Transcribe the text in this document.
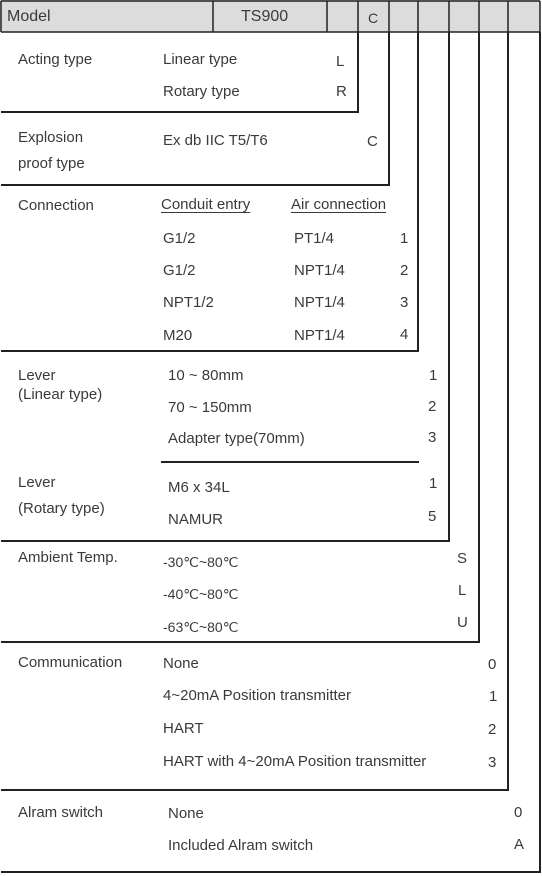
Model	TS900	C
Acting type	Linear type	L
Rotary type	R
Explosion
proof type
Ex db IIC T5/T6	C
Connection	Conduit entry	Air connection
G1/2	PT1/4	1
G1/2	NPT1/4	2
NPT1/2	NPT1/4	3
M20	NPT1/4	4
Lever
(Linear type)
10 ~ 80mm	1
70 ~ 150mm	2
Adapter type(70mm)	3
Lever
(Rotary type)
M6 x 34L	1
NAMUR	5
Ambient Temp.	-30℃~80℃	S
-40℃~80℃	L
-63℃~80℃	U
Communication	None	0
4~20mA Position transmitter	1
HART	2
HART with 4~20mA Position transmitter	3
Alram switch	None	0
Included Alram switch	A
